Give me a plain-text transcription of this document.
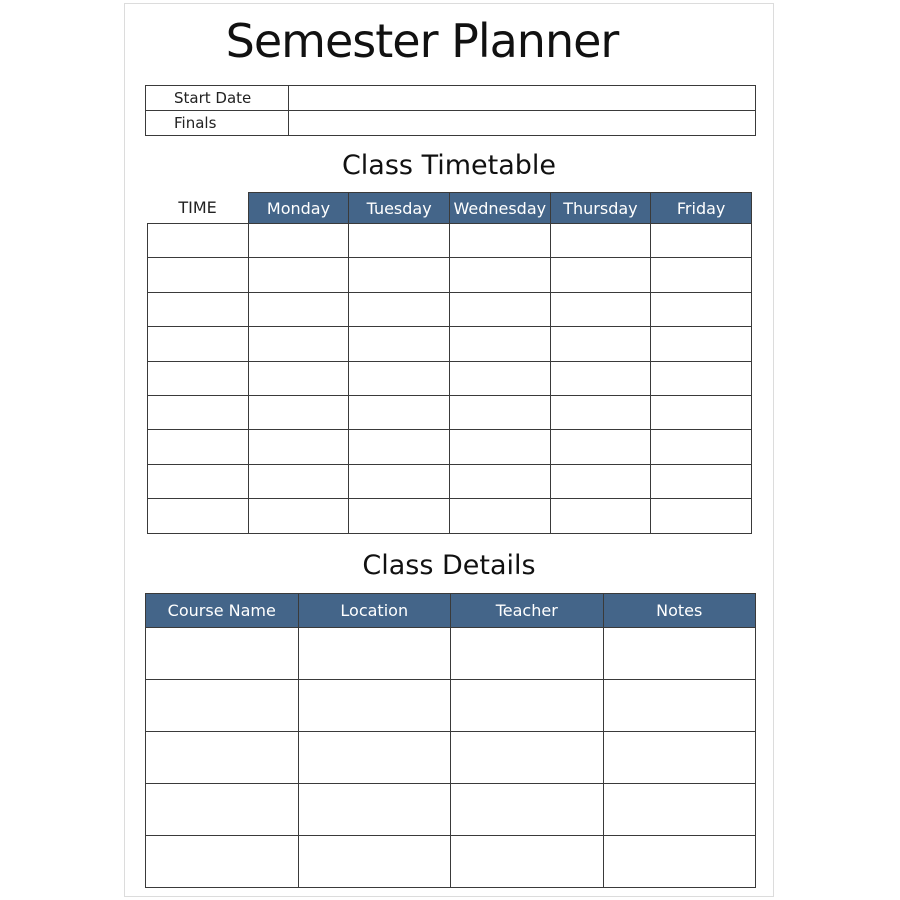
Semester Planner
Start Date	
Finals	
Class Timetable
TIME	Monday	Tuesday	Wednesday	Thursday	Friday

Class Details
Course Name	Location	Teacher	Notes
